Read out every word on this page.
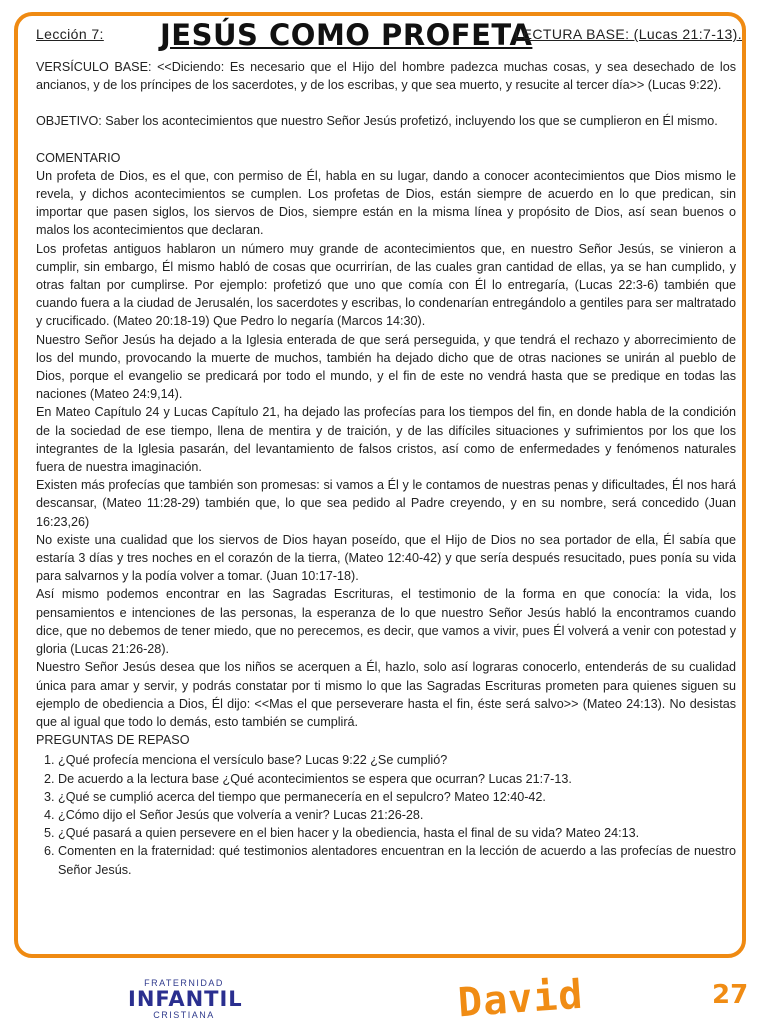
Lección 7: JESÚS COMO PROFETA
LECTURA BASE: (Lucas 21:7-13).

VERSÍCULO BASE: <<Diciendo: Es necesario que el Hijo del hombre padezca muchas cosas, y sea desechado de los ancianos, y de los príncipes de los sacerdotes, y de los escribas, y que sea muerto, y resucite al tercer día>> (Lucas 9:22).

OBJETIVO: Saber los acontecimientos que nuestro Señor Jesús profetizó, incluyendo los que se cumplieron en Él mismo.

COMENTARIO

Un profeta de Dios, es el que, con permiso de Él, habla en su lugar, dando a conocer acontecimientos que Dios mismo le revela, y dichos acontecimientos se cumplen. Los profetas de Dios, están siempre de acuerdo en lo que predican, sin importar que pasen siglos, los siervos de Dios, siempre están en la misma línea y propósito de Dios, así sean buenos o malos los acontecimientos que declaran.

Los profetas antiguos hablaron un número muy grande de acontecimientos que, en nuestro Señor Jesús, se vinieron a cumplir, sin embargo, Él mismo habló de cosas que ocurrirían, de las cuales gran cantidad de ellas, ya se han cumplido, y otras faltan por cumplirse. Por ejemplo: profetizó que uno que comía con Él lo entregaría, (Lucas 22:3-6) también que cuando fuera a la ciudad de Jerusalén, los sacerdotes y escribas, lo condenarían entregándolo a gentiles para ser maltratado y crucificado. (Mateo 20:18-19) Que Pedro lo negaría (Marcos 14:30).

Nuestro Señor Jesús ha dejado a la Iglesia enterada de que será perseguida, y que tendrá el rechazo y aborrecimiento de los del mundo, provocando la muerte de muchos, también ha dejado dicho que de otras naciones se unirán al pueblo de Dios, porque el evangelio se predicará por todo el mundo, y el fin de este no vendrá hasta que se predique en todas las naciones (Mateo 24:9,14).

En Mateo Capítulo 24 y Lucas Capítulo 21, ha dejado las profecías para los tiempos del fin, en donde habla de la condición de la sociedad de ese tiempo, llena de mentira y de traición, y de las difíciles situaciones y sufrimientos por los que los integrantes de la Iglesia pasarán, del levantamiento de falsos cristos, así como de enfermedades y fenómenos naturales fuera de nuestra imaginación.

Existen más profecías que también son promesas: si vamos a Él y le contamos de nuestras penas y dificultades, Él nos hará descansar, (Mateo 11:28-29) también que, lo que sea pedido al Padre creyendo, y en su nombre, será concedido (Juan 16:23,26)

No existe una cualidad que los siervos de Dios hayan poseído, que el Hijo de Dios no sea portador de ella, Él sabía que estaría 3 días y tres noches en el corazón de la tierra, (Mateo 12:40-42) y que sería después resucitado, pues ponía su vida para salvarnos y la podía volver a tomar. (Juan 10:17-18).

Así mismo podemos encontrar en las Sagradas Escrituras, el testimonio de la forma en que conocía: la vida, los pensamientos e intenciones de las personas, la esperanza de lo que nuestro Señor Jesús habló la encontramos cuando dice, que no debemos de tener miedo, que no perecemos, es decir, que vamos a vivir, pues Él volverá a venir con potestad y gloria (Lucas 21:26-28).

Nuestro Señor Jesús desea que los niños se acerquen a Él, hazlo, solo así lograras conocerlo, entenderás de su cualidad única para amar y servir, y podrás constatar por ti mismo lo que las Sagradas Escrituras prometen para quienes siguen su ejemplo de obediencia a Dios, Él dijo: <<Mas el que perseverare hasta el fin, éste será salvo>> (Mateo 24:13). No desistas que al igual que todo lo demás, esto también se cumplirá.

PREGUNTAS DE REPASO

1. ¿Qué profecía menciona el versículo base? Lucas 9:22 ¿Se cumplió?
2. De acuerdo a la lectura base ¿Qué acontecimientos se espera que ocurran? Lucas 21:7-13.
3. ¿Qué se cumplió acerca del tiempo que permanecería en el sepulcro? Mateo 12:40-42.
4. ¿Cómo dijo el Señor Jesús que volvería a venir? Lucas 21:26-28.
5. ¿Qué pasará a quien persevere en el bien hacer y la obediencia, hasta el final de su vida? Mateo 24:13.
6. Comenten en la fraternidad: qué testimonios alentadores encuentran en la lección de acuerdo a las profecías de nuestro Señor Jesús.
FRATERNIDAD
INFANTIL
CRISTIANA	David	27
